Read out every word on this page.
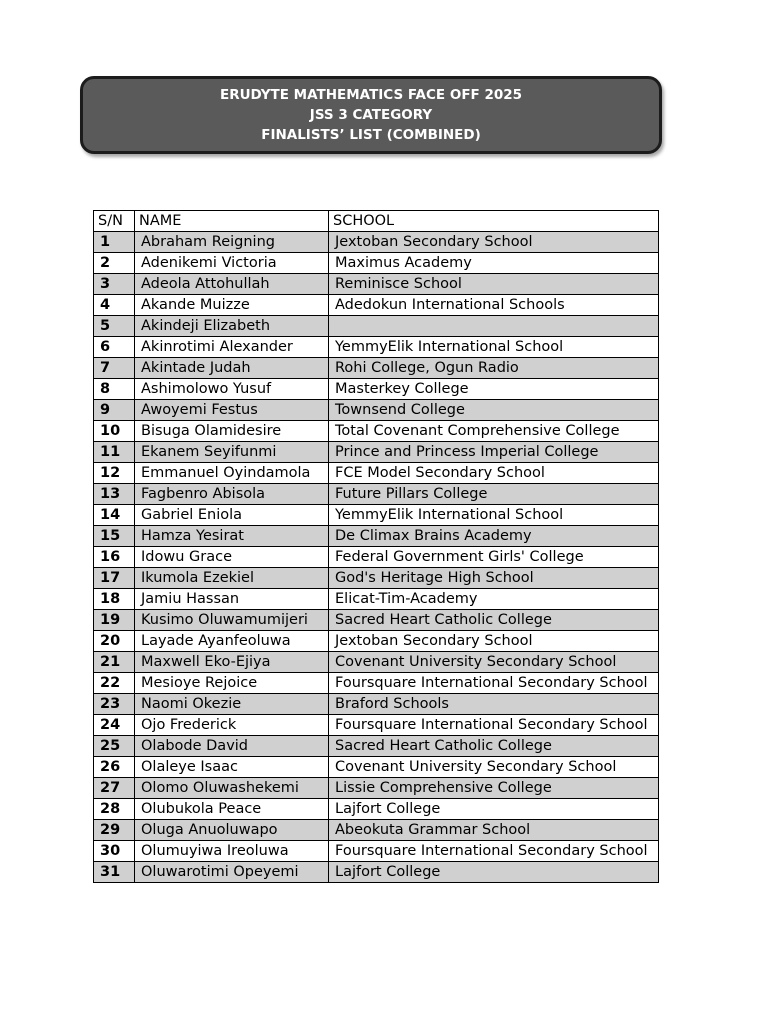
ERUDYTE MATHEMATICS FACE OFF 2025
JSS 3 CATEGORY
FINALISTS’ LIST (COMBINED)
S/N	NAME	SCHOOL
1	Abraham Reigning	Jextoban Secondary School
2	Adenikemi Victoria	Maximus Academy
3	Adeola Attohullah	Reminisce School
4	Akande Muizze	Adedokun International Schools
5	Akindeji Elizabeth	
6	Akinrotimi Alexander	YemmyElik International School
7	Akintade Judah	Rohi College, Ogun Radio
8	Ashimolowo Yusuf	Masterkey College
9	Awoyemi Festus	Townsend College
10	Bisuga Olamidesire	Total Covenant Comprehensive College
11	Ekanem Seyifunmi	Prince and Princess Imperial College
12	Emmanuel Oyindamola	FCE Model Secondary School
13	Fagbenro Abisola	Future Pillars College
14	Gabriel Eniola	YemmyElik International School
15	Hamza Yesirat	De Climax Brains Academy
16	Idowu Grace	Federal Government Girls' College
17	Ikumola Ezekiel	God's Heritage High School
18	Jamiu Hassan	Elicat-Tim-Academy
19	Kusimo Oluwamumijeri	Sacred Heart Catholic College
20	Layade Ayanfeoluwa	Jextoban Secondary School
21	Maxwell Eko-Ejiya	Covenant University Secondary School
22	Mesioye Rejoice	Foursquare International Secondary School
23	Naomi Okezie	Braford Schools
24	Ojo Frederick	Foursquare International Secondary School
25	Olabode David	Sacred Heart Catholic College
26	Olaleye Isaac	Covenant University Secondary School
27	Olomo Oluwashekemi	Lissie Comprehensive College
28	Olubukola Peace	Lajfort College
29	Oluga Anuoluwapo	Abeokuta Grammar School
30	Olumuyiwa Ireoluwa	Foursquare International Secondary School
31	Oluwarotimi Opeyemi	Lajfort College
